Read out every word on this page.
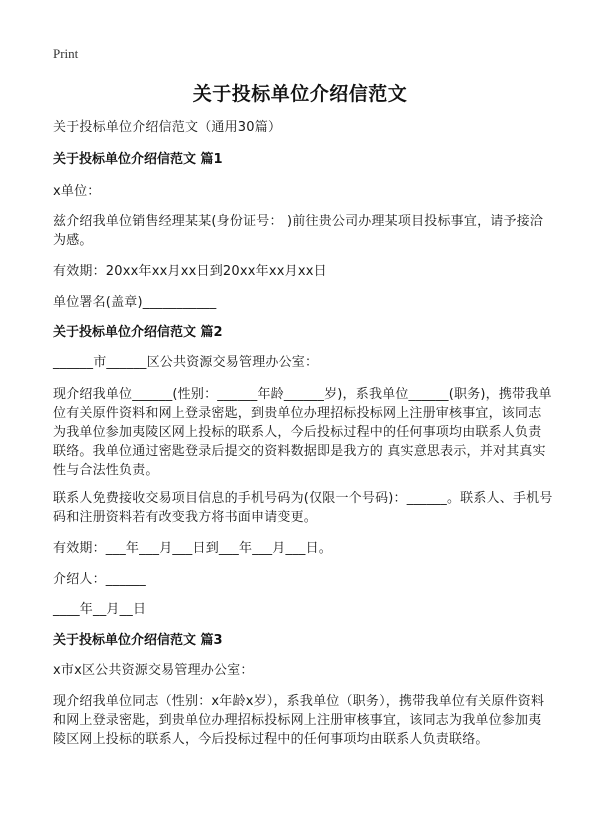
Print
关于投标单位介绍信范文
关于投标单位介绍信范文（通用30篇）
关于投标单位介绍信范文 篇1
x单位：
兹介绍我单位销售经理某某(身份证号： )前往贵公司办理某项目投标事宜，请予接洽为感。
有效期：20xx年xx月xx日到20xx年xx月xx日
单位署名(盖章)___________
关于投标单位介绍信范文 篇2
______市______区公共资源交易管理办公室：
现介绍我单位______(性别：______年龄______岁)，系我单位______(职务)，携带我单位有关原件资料和网上登录密匙，到贵单位办理招标投标网上注册审核事宜，该同志为我单位参加夷陵区网上投标的联系人，今后投标过程中的任何事项均由联系人负责联络。我单位通过密匙登录后提交的资料数据即是我方的 真实意思表示，并对其真实性与合法性负责。
联系人免费接收交易项目信息的手机号码为(仅限一个号码)：______。联系人、手机号码和注册资料若有改变我方将书面申请变更。
有效期：___年___月___日到___年___月___日。
介绍人：______
____年__月__日
关于投标单位介绍信范文 篇3
x市x区公共资源交易管理办公室：
现介绍我单位同志（性别：x年龄x岁），系我单位（职务），携带我单位有关原件资料和网上登录密匙，到贵单位办理招标投标网上注册审核事宜，该同志为我单位参加夷陵区网上投标的联系人，今后投标过程中的任何事项均由联系人负责联络。
